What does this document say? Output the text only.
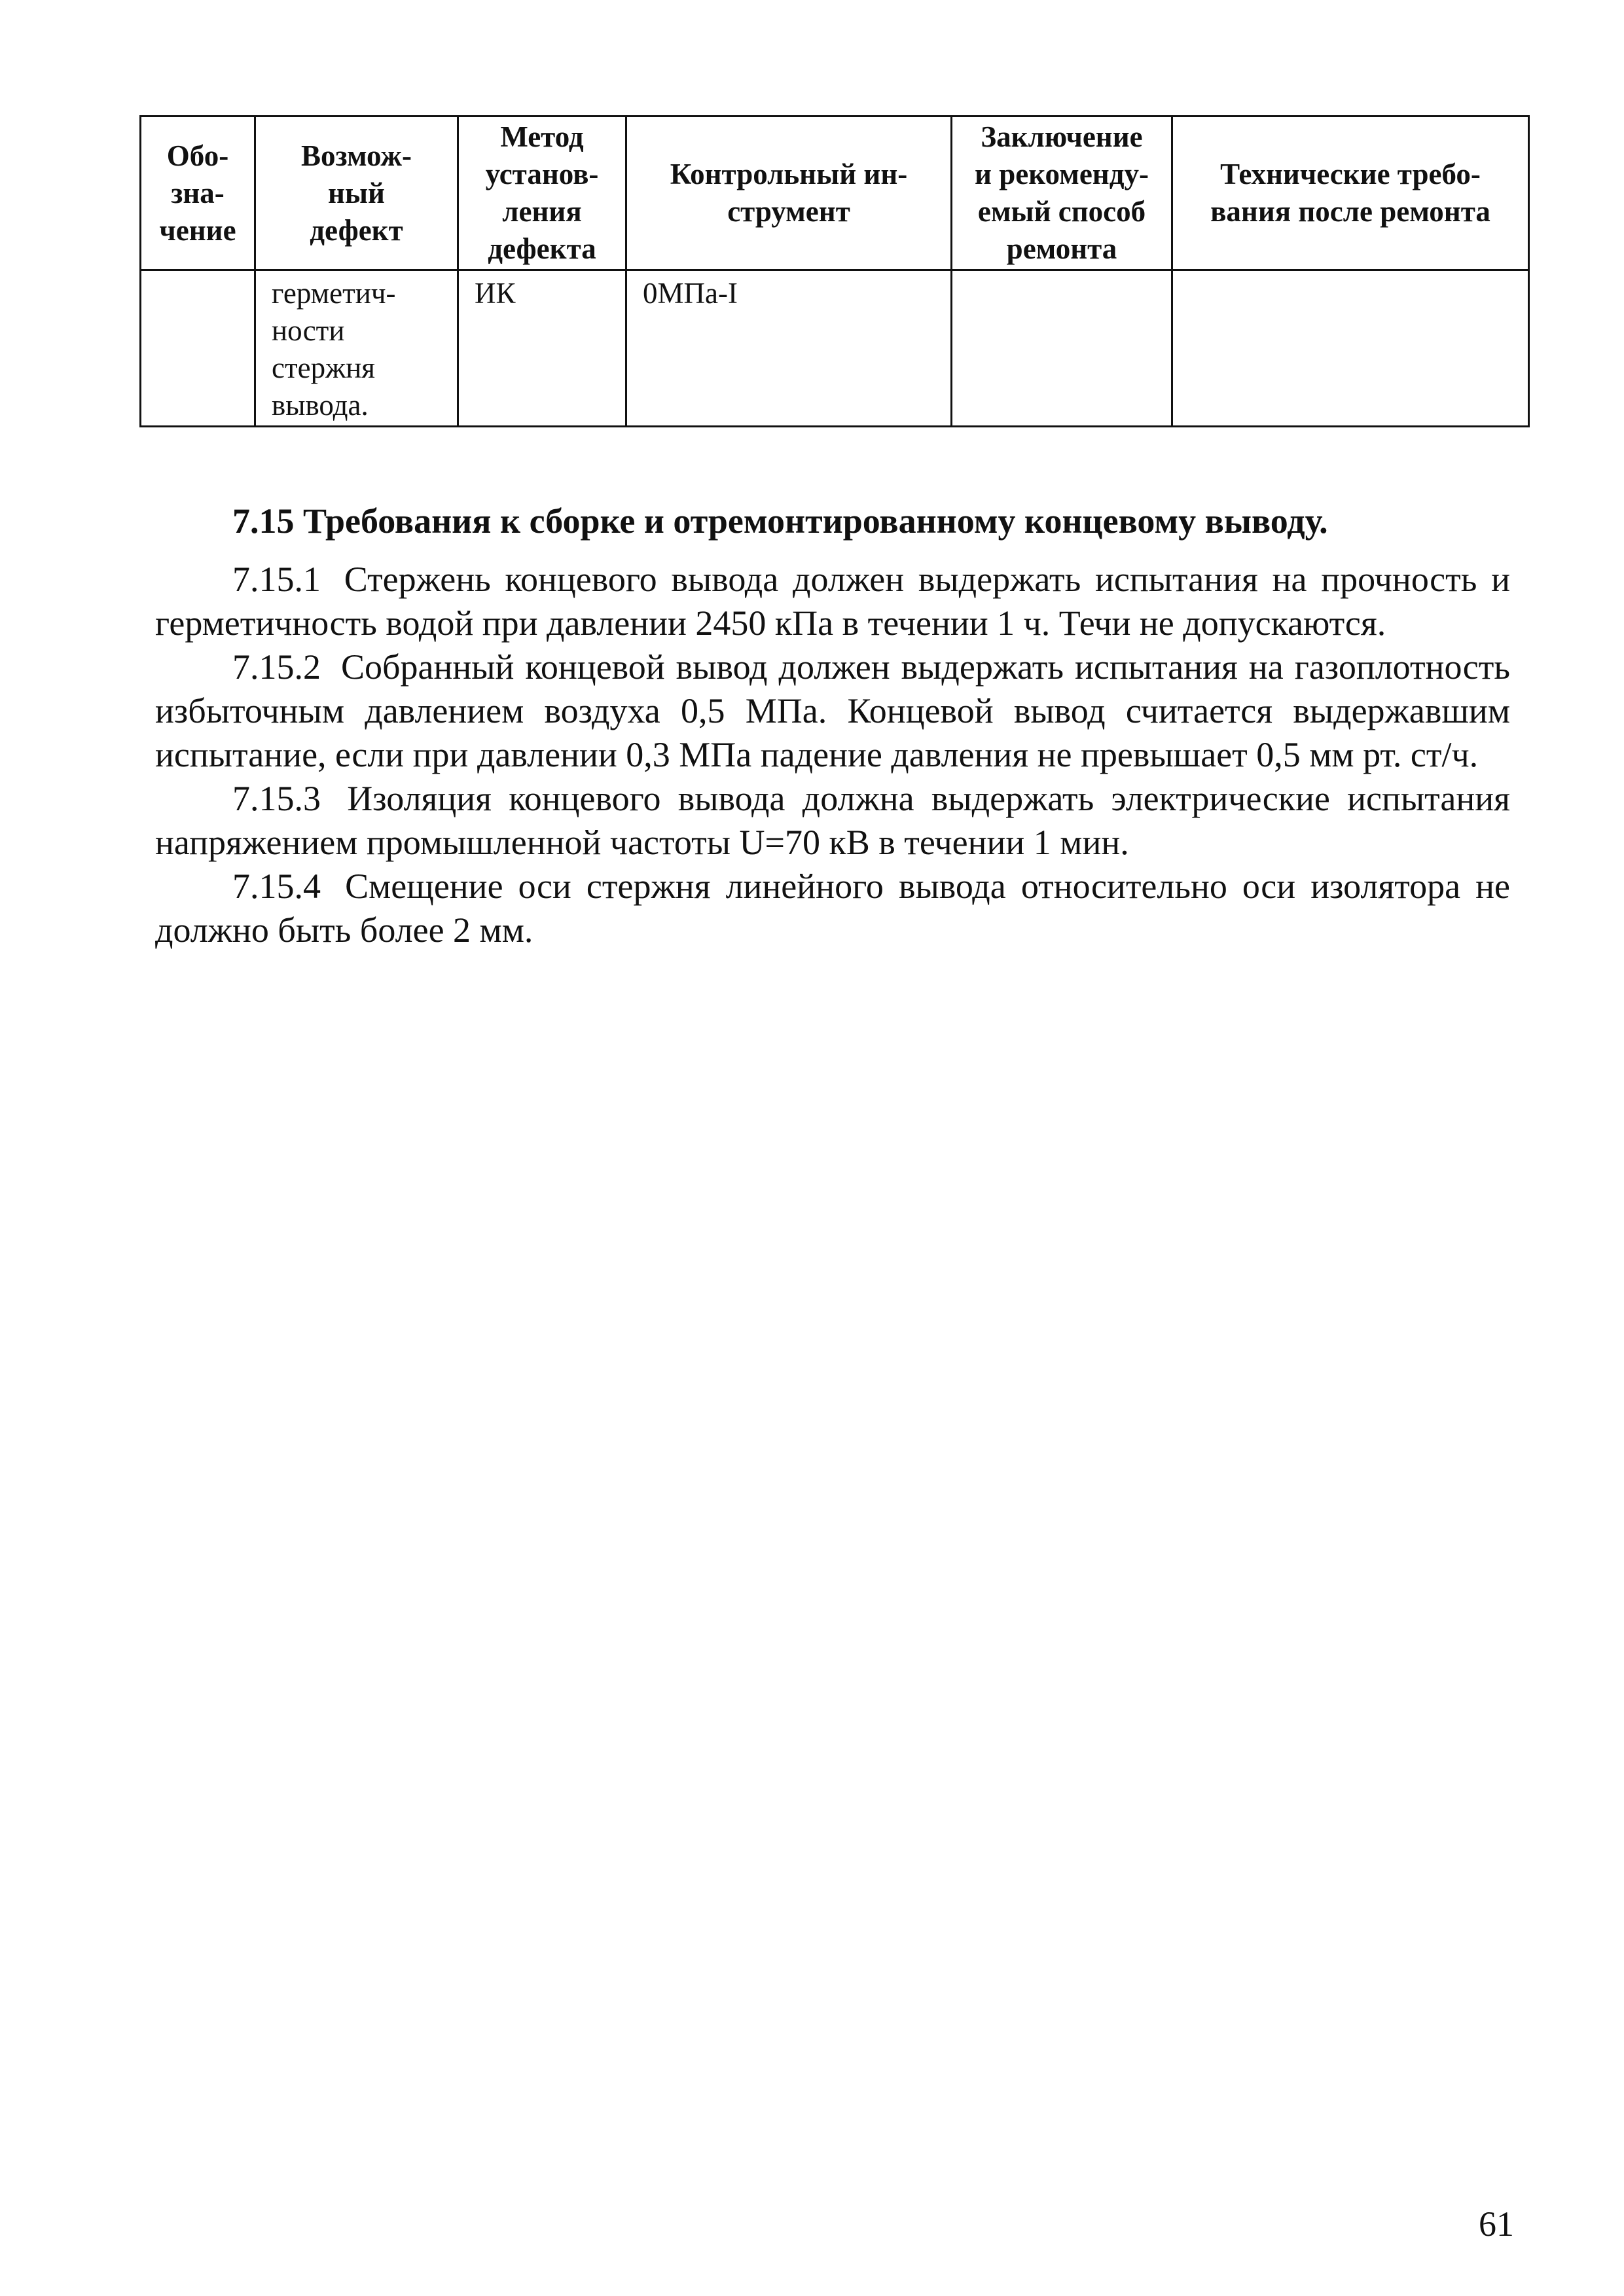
Обо-
зна-
чение	Возмож-
ный
дефект	Метод
установ-
ления
дефекта	Контрольный ин-
струмент	Заключение
и рекоменду-
емый способ
ремонта	Технические требо-
вания после ремонта
	герметич-
ности
стержня
вывода.	ИК	0МПа-I		
7.15 Требования к сборке и отремонтированному концевому выводу.

7.15.1 Стержень концевого вывода должен выдержать испытания на прочность и герметичность водой при давлении 2450 кПа в течении 1 ч. Течи не допускаются.

7.15.2 Собранный концевой вывод должен выдержать испытания на газоплотность избыточным давлением воздуха 0,5 МПа. Концевой вывод считается выдержавшим испытание, если при давлении 0,3 МПа падение давления не превышает 0,5 мм рт. ст/ч.

7.15.3 Изоляция концевого вывода должна выдержать электрические испытания напряжением промышленной частоты U=70 кВ в течении 1 мин.

7.15.4 Смещение оси стержня линейного вывода относительно оси изолятора не должно быть более 2 мм.

61
